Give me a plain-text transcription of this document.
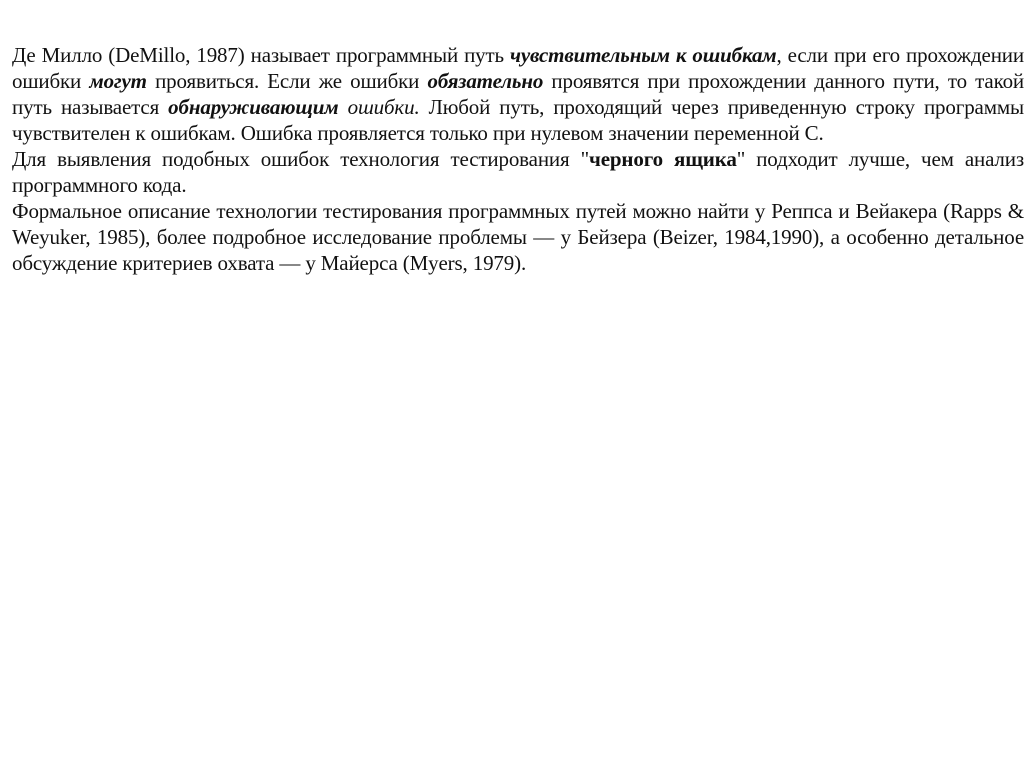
Де Милло (DeMillo, 1987) называет программный путь чувствительным к ошибкам, если при его прохождении ошибки могут проявиться. Если же ошибки обязательно проявятся при прохождении данного пути, то такой путь называется обнаруживающим ошибки. Любой путь, проходящий через приведенную строку программы чувствителен к ошибкам. Ошибка проявляется только при нулевом значении переменной С.

Для выявления подобных ошибок технология тестирования "черного ящика" подходит лучше, чем анализ программного кода.

Формальное описание технологии тестирования программных путей можно найти у Реппса и Вейакера (Rapps & Weyuker, 1985), более подробное исследование проблемы — у Бейзера (Beizer, 1984,1990), а особенно детальное обсуждение критериев охвата — у Майерса (Myers, 1979).
